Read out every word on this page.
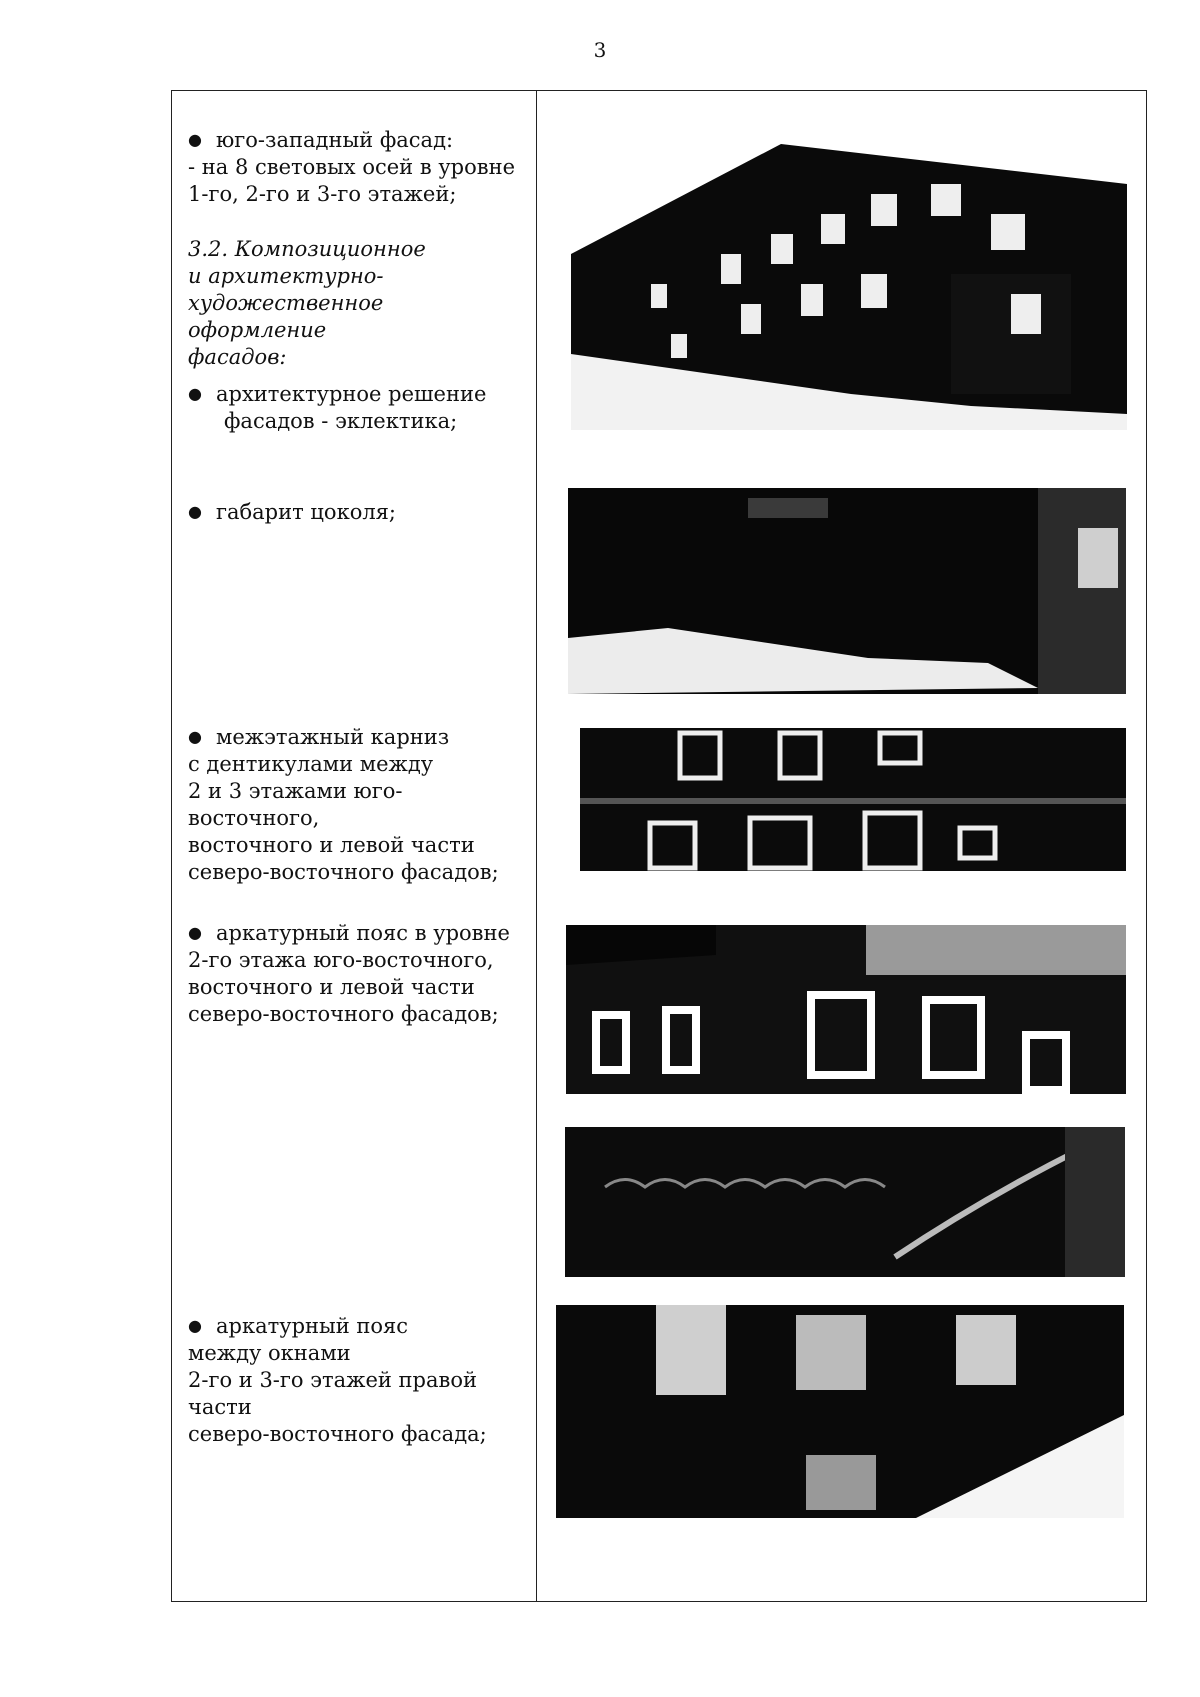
3

● юго-западный фасад:

- на 8 световых осей в уровне

1-го, 2-го и 3-го этажей;

3.2. Композиционное

и архитектурно-

художественное оформление

фасадов:

● архитектурное решение

фасадов - эклектика;

● габарит цоколя;

● межэтажный карниз

с дентикулами между

2 и 3 этажами юго-восточного,

восточного и левой части

северо-восточного фасадов;

● аркатурный пояс в уровне

2-го этажа юго-восточного,

восточного и левой части

северо-восточного фасадов;

● аркатурный пояс

между окнами

2-го и 3-го этажей правой части

северо-восточного фасада;
